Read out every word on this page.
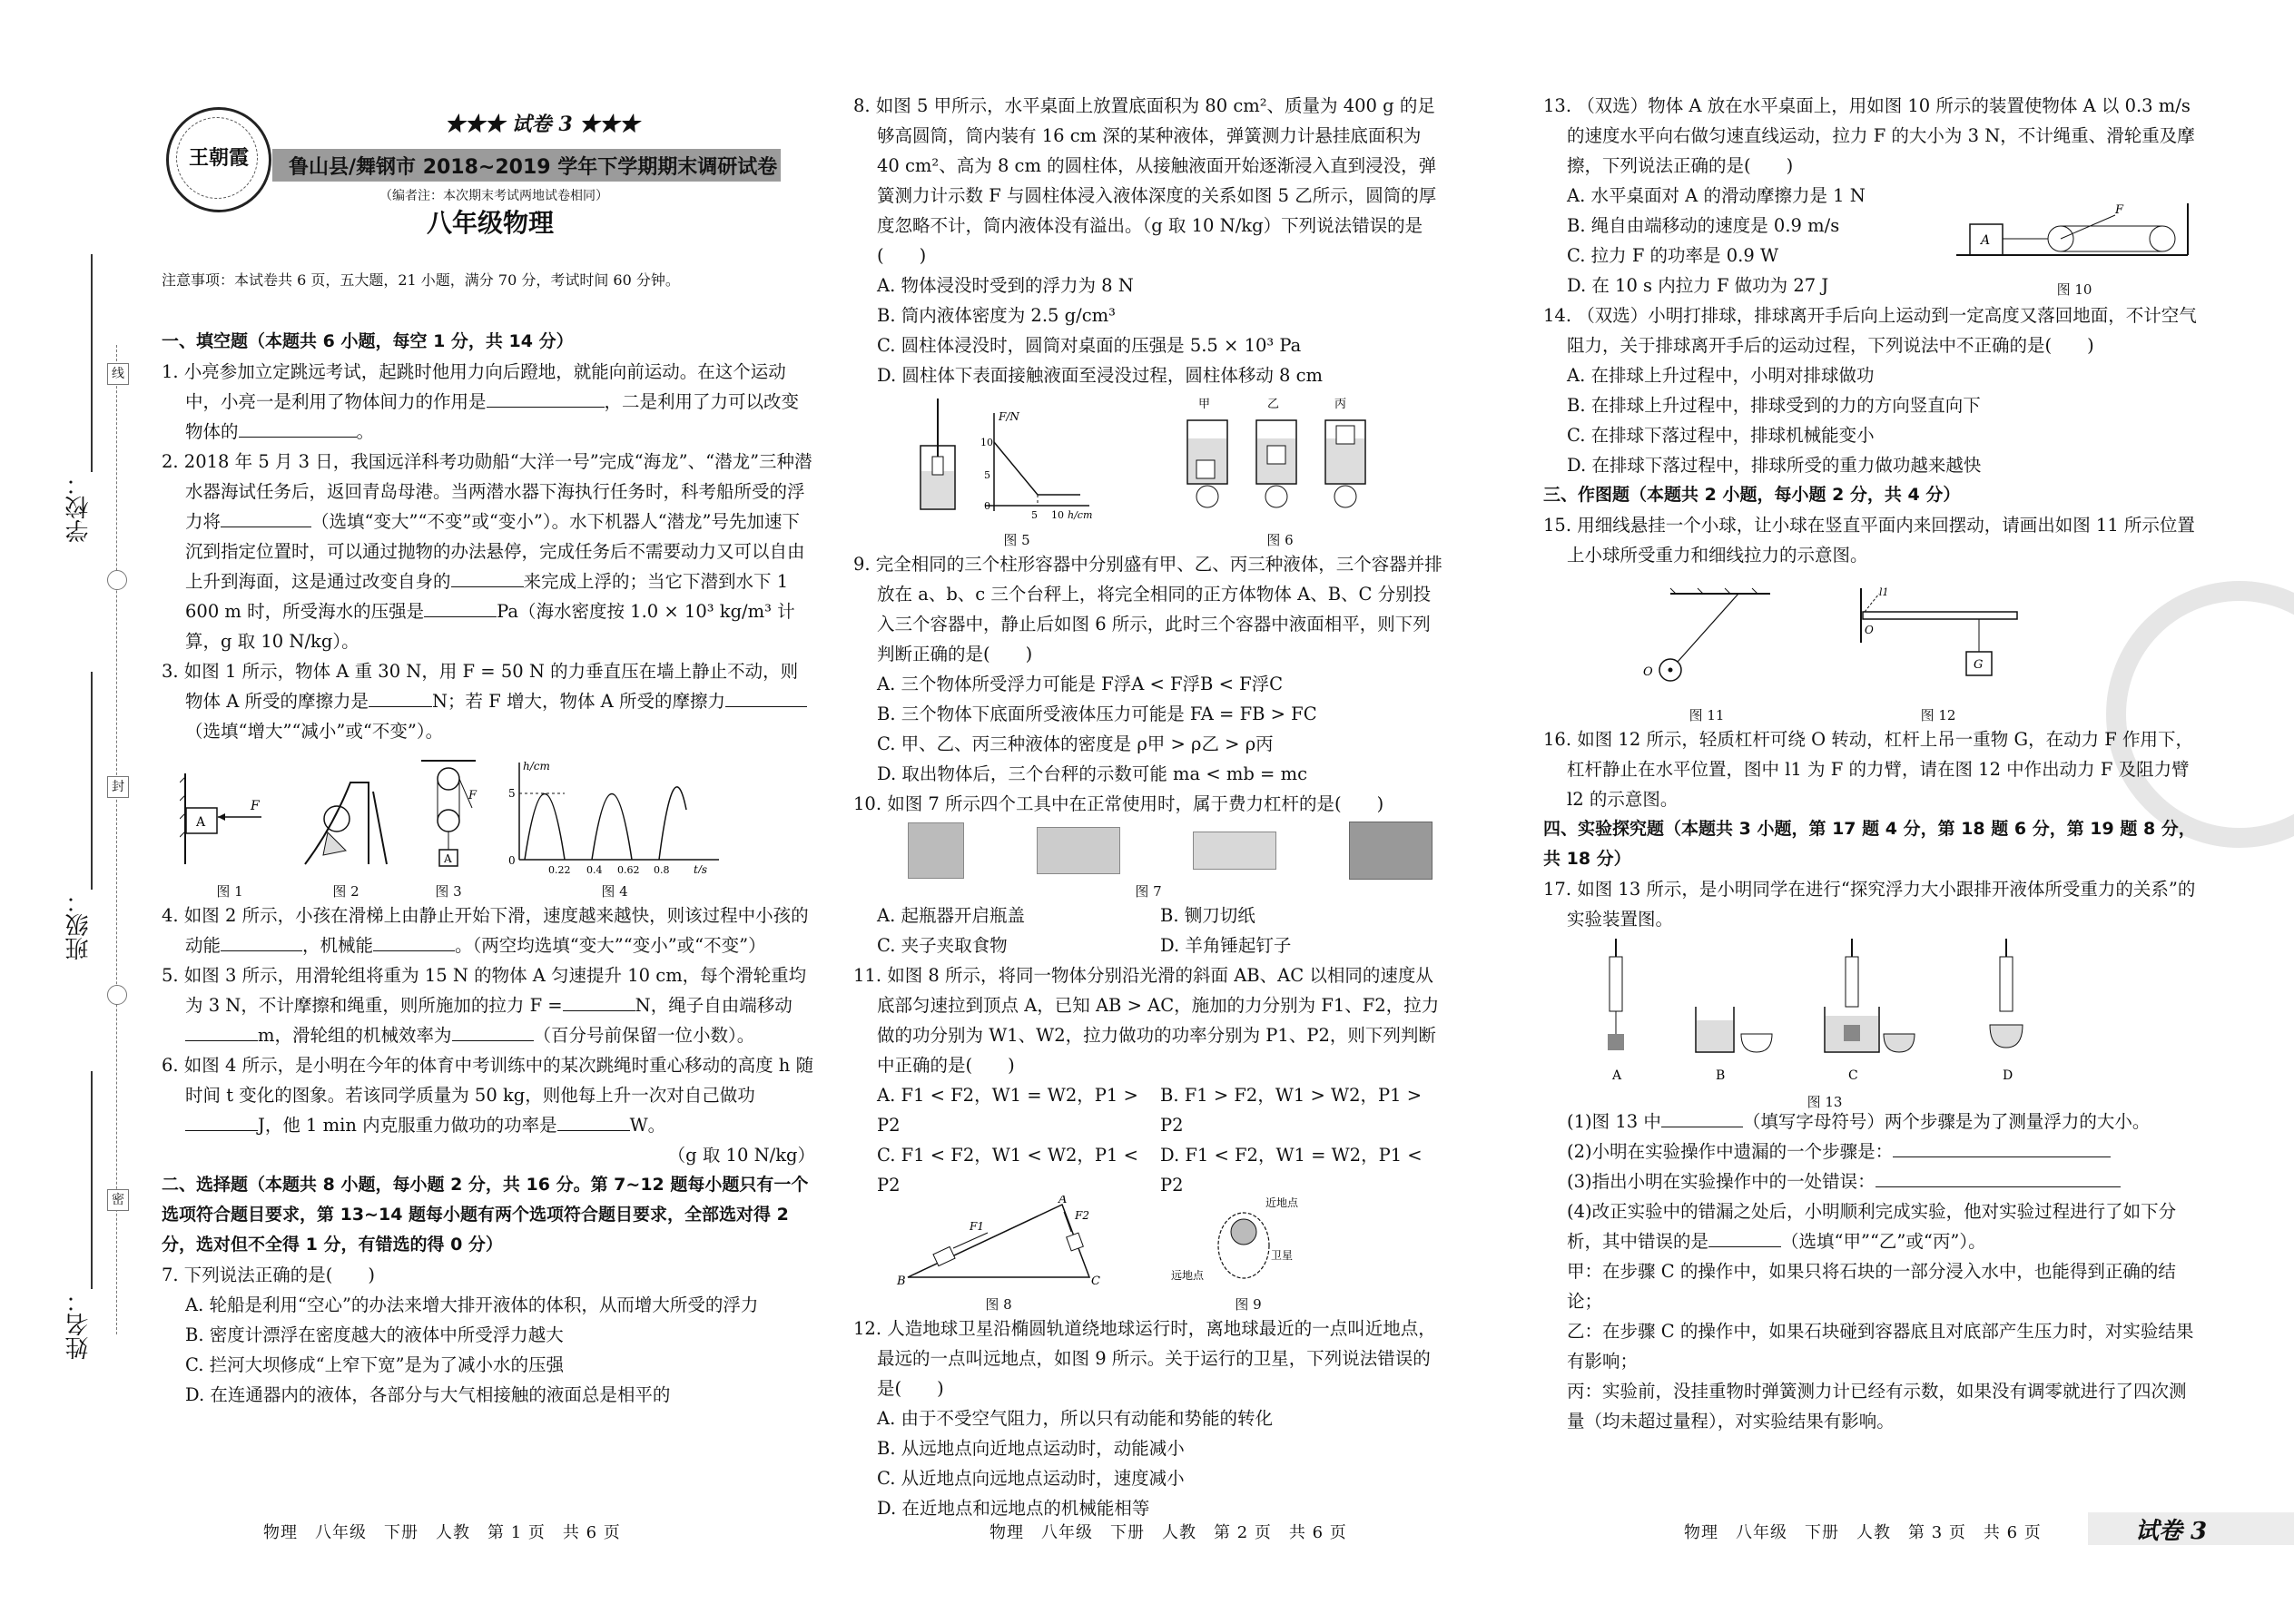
学校：
班级：
姓名：
线
封
密
王朝霞
★★★ 试卷 3 ★★★
鲁山县/舞钢市 2018~2019 学年下学期期末调研试卷
（编者注：本次期末考试两地试卷相同）
八年级物理
注意事项：本试卷共 6 页，五大题，21 小题，满分 70 分，考试时间 60 分钟。

一、填空题（本题共 6 小题，每空 1 分，共 14 分）

1. 小亮参加立定跳远考试，起跳时他用力向后蹬地，就能向前运动。在这个运动中，小亮一是利用了物体间力的作用是	，二是利用了力可以改变物体的	。

2. 2018 年 5 月 3 日，我国远洋科考功勋船“大洋一号”完成“海龙”、“潜龙”三种潜水器海试任务后，返回青岛母港。当两潜水器下海执行任务时，科考船所受的浮力将	（选填“变大”“不变”或“变小”）。水下机器人“潜龙”号先加速下沉到指定位置时，可以通过抛物的办法悬停，完成任务后不需要动力又可以自由上升到海面，这是通过改变自身的	来完成上浮的；当它下潜到水下 1 600 m 时，所受海水的压强是	Pa（海水密度按 1.0 × 10³ kg/m³ 计算，g 取 10 N/kg）。

3. 如图 1 所示，物体 A 重 30 N，用 F = 50 N 的力垂直压在墙上静止不动，则物体 A 所受的摩擦力是	N；若 F 增大，物体 A 所受的摩擦力（选填“增大”“减小”或“不变”）。

A
F
图 1	图 2
F
A
图 3
h/cm
5
0
0.22 0.4 0.62 0.8 t/s
图 4

4. 如图 2 所示，小孩在滑梯上由静止开始下滑，速度越来越快，则该过程中小孩的动能	，机械能	。（两空均选填“变大”“变小”或“不变”）

5. 如图 3 所示，用滑轮组将重为 15 N 的物体 A 匀速提升 10 cm，每个滑轮重均为 3 N，不计摩擦和绳重，则所施加的拉力 F =	N，绳子自由端移动m，滑轮组的机械效率为	（百分号前保留一位小数）。

6. 如图 4 所示，是小明在今年的体育中考训练中的某次跳绳时重心移动的高度 h 随时间 t 变化的图象。若该同学质量为 50 kg，则他每上升一次对自己做功J，他 1 min 内克服重力做功的功率是	W。

（g 取 10 N/kg）

二、选择题（本题共 8 小题，每小题 2 分，共 16 分。第 7~12 题每小题只有一个选项符合题目要求，第 13~14 题每小题有两个选项符合题目要求，全部选对得 2 分，选对但不全得 1 分，有错选的得 0 分）

7. 下列说法正确的是(　　)

A. 轮船是利用“空心”的办法来增大排开液体的体积，从而增大所受的浮力

B. 密度计漂浮在密度越大的液体中所受浮力越大

C. 拦河大坝修成“上窄下宽”是为了减小水的压强

D. 在连通器内的液体，各部分与大气相接触的液面总是相平的

8. 如图 5 甲所示，水平桌面上放置底面积为 80 cm²、质量为 400 g 的足够高圆筒，筒内装有 16 cm 深的某种液体，弹簧测力计悬挂底面积为 40 cm²、高为 8 cm 的圆柱体，从接触液面开始逐渐浸入直到浸没，弹簧测力计示数 F 与圆柱体浸入液体深度的关系如图 5 乙所示，圆筒的厚度忽略不计，筒内液体没有溢出。（g 取 10 N/kg）下列说法错误的是(　　)

A. 物体浸没时受到的浮力为 8 N

B. 筒内液体密度为 2.5 g/cm³

C. 圆柱体浸没时，圆筒对桌面的压强是 5.5 × 10³ Pa

D. 圆柱体下表面接触液面至浸没过程，圆柱体移动 8 cm

F/N
10
5
0
5 10 h/cm
图 5
甲	乙	丙
图 6

9. 完全相同的三个柱形容器中分别盛有甲、乙、丙三种液体，三个容器并排放在 a、b、c 三个台秤上，将完全相同的正方体物体 A、B、C 分别投入三个容器中，静止后如图 6 所示，此时三个容器中液面相平，则下列判断正确的是(　　)

A. 三个物体所受浮力可能是 F浮A < F浮B < F浮C

B. 三个物体下底面所受液体压力可能是 FA = FB > FC

C. 甲、乙、丙三种液体的密度是 ρ甲 > ρ乙 > ρ丙

D. 取出物体后，三个台秤的示数可能 ma < mb = mc

10. 如图 7 所示四个工具中在正常使用时，属于费力杠杆的是(　　)

图 7
A. 起瓶器开启瓶盖	B. 铡刀切纸
C. 夹子夹取食物	D. 羊角锤起钉子

11. 如图 8 所示，将同一物体分别沿光滑的斜面 AB、AC 以相同的速度从底部匀速拉到顶点 A，已知 AB > AC，施加的力分别为 F1、F2，拉力做的功分别为 W1、W2，拉力做功的功率分别为 P1、P2，则下列判断中正确的是(　　)

A. F1 < F2，W1 = W2，P1 > P2
B. F1 > F2，W1 > W2，P1 > P2
C. F1 < F2，W1 < W2，P1 < P2
D. F1 < F2，W1 = W2，P1 < P2
B
A
C
F1
F2
图 8
近地点
卫星
远地点
图 9

12. 人造地球卫星沿椭圆轨道绕地球运行时，离地球最近的一点叫近地点，最远的一点叫远地点，如图 9 所示。关于运行的卫星，下列说法错误的是(　　)

A. 由于不受空气阻力，所以只有动能和势能的转化

B. 从远地点向近地点运动时，动能减小

C. 从近地点向远地点运动时，速度减小

D. 在近地点和远地点的机械能相等

13. （双选）物体 A 放在水平桌面上，用如图 10 所示的装置使物体 A 以 0.3 m/s 的速度水平向右做匀速直线运动，拉力 F 的大小为 3 N，不计绳重、滑轮重及摩擦，下列说法正确的是(　　)

A. 水平桌面对 A 的滑动摩擦力是 1 N

B. 绳自由端移动的速度是 0.9 m/s

C. 拉力 F 的功率是 0.9 W

D. 在 10 s 内拉力 F 做功为 27 J

A
F
图 10

14. （双选）小明打排球，排球离开手后向上运动到一定高度又落回地面，不计空气阻力，关于排球离开手后的运动过程，下列说法中不正确的是(　　)

A. 在排球上升过程中，小明对排球做功

B. 在排球上升过程中，排球受到的力的方向竖直向下

C. 在排球下落过程中，排球机械能变小

D. 在排球下落过程中，排球所受的重力做功越来越快

三、作图题（本题共 2 小题，每小题 2 分，共 4 分）

15. 用细线悬挂一个小球，让小球在竖直平面内来回摆动，请画出如图 11 所示位置上小球所受重力和细线拉力的示意图。

O
图 11
O
l1
G
图 12

16. 如图 12 所示，轻质杠杆可绕 O 转动，杠杆上吊一重物 G，在动力 F 作用下，杠杆静止在水平位置，图中 l1 为 F 的力臂，请在图 12 中作出动力 F 及阻力臂 l2 的示意图。

四、实验探究题（本题共 3 小题，第 17 题 4 分，第 18 题 6 分，第 19 题 8 分，共 18 分）

17. 如图 13 所示，是小明同学在进行“探究浮力大小跟排开液体所受重力的关系”的实验装置图。

A	B	C	D
图 13

(1)图 13 中	（填写字母符号）两个步骤是为了测量浮力的大小。

(2)小明在实验操作中遗漏的一个步骤是：

(3)指出小明在实验操作中的一处错误：

(4)改正实验中的错漏之处后，小明顺利完成实验，他对实验过程进行了如下分析，其中错误的是	（选填“甲”“乙”或“丙”）。

甲：在步骤 C 的操作中，如果只将石块的一部分浸入水中，也能得到正确的结论；

乙：在步骤 C 的操作中，如果石块碰到容器底且对底部产生压力时，对实验结果有影响；

丙：实验前，没挂重物时弹簧测力计已经有示数，如果没有调零就进行了四次测量（均未超过量程），对实验结果有影响。

物理　八年级　下册　人教　第 1 页　共 6 页	物理　八年级　下册　人教　第 2 页　共 6 页	物理　八年级　下册　人教　第 3 页　共 6 页	试卷 3
